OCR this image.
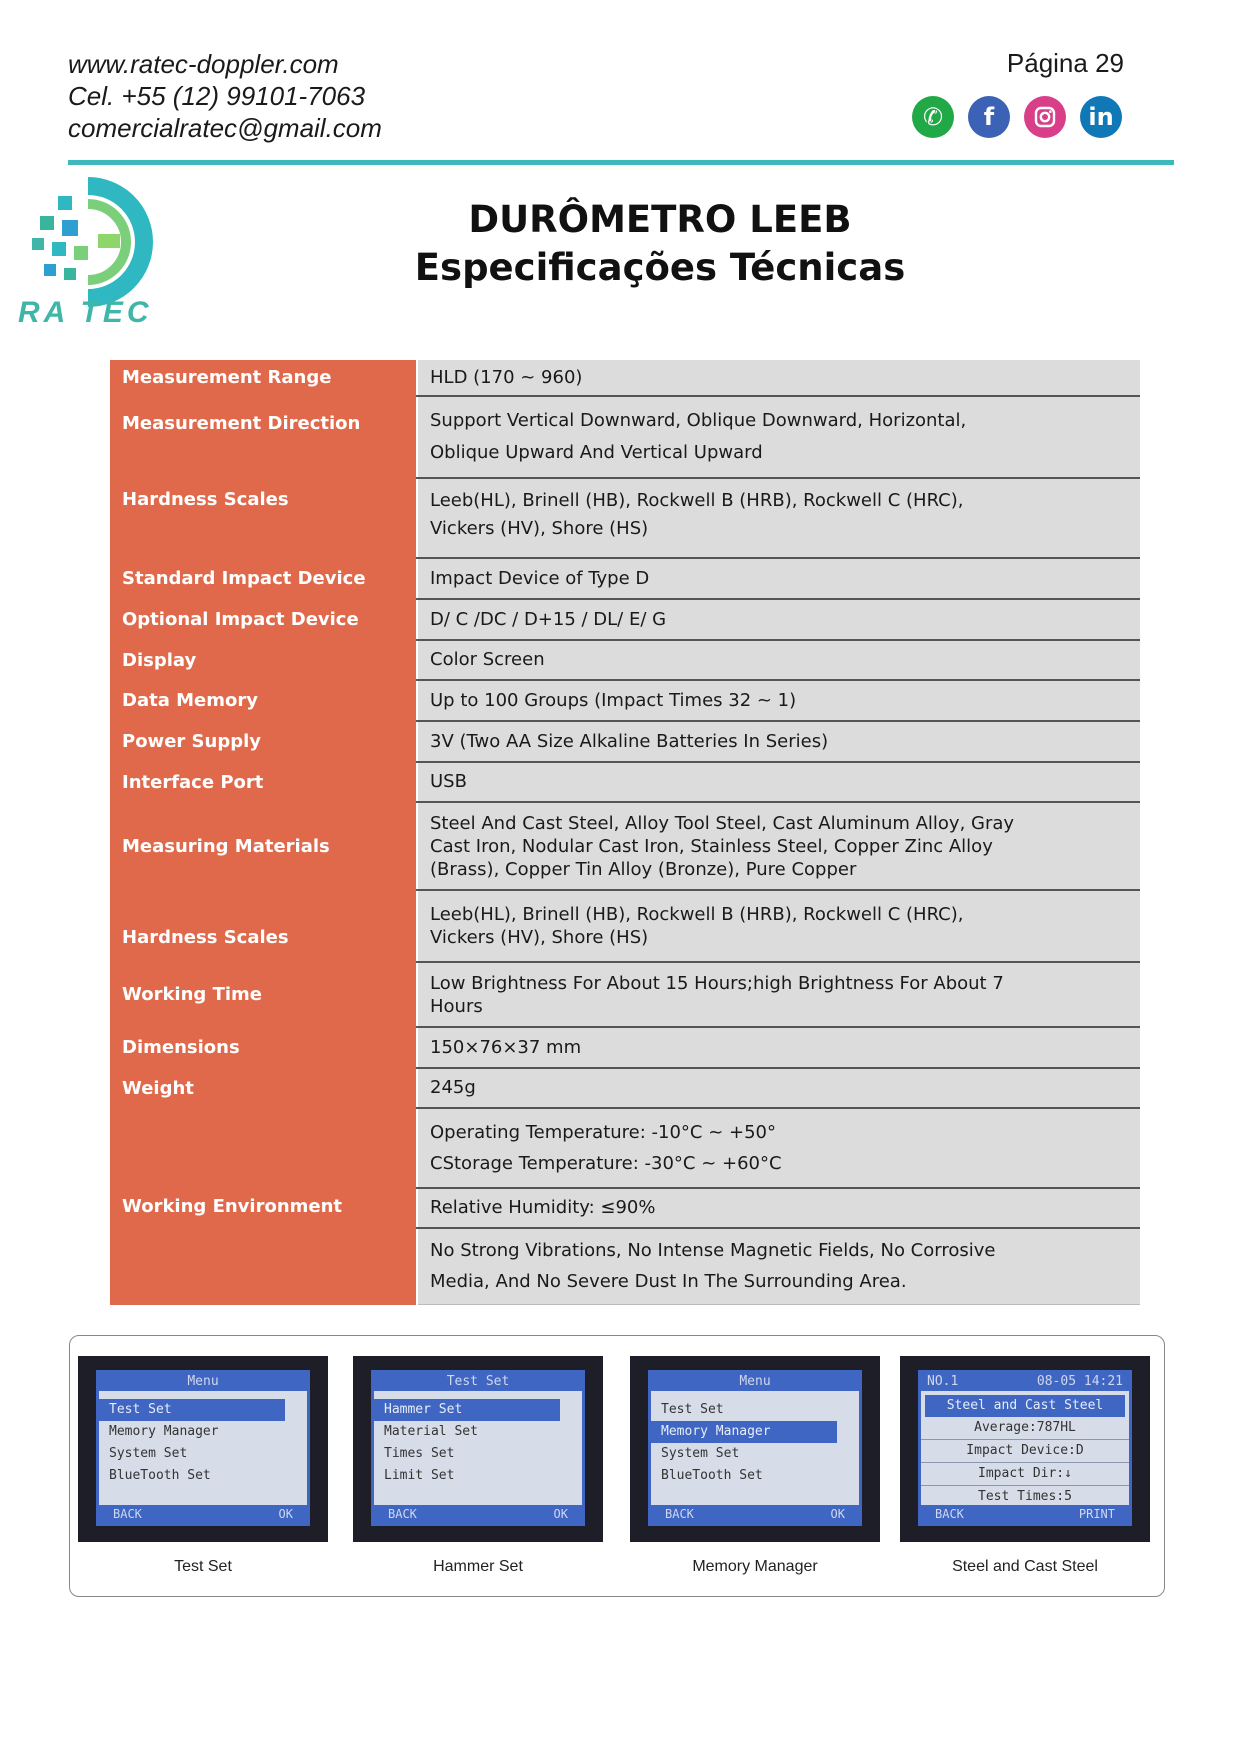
www.ratec-doppler.com
Cel. +55 (12) 99101-7063
comercialratec@gmail.com
Página 29
✆	f	in
RA TEC
DURÔMETRO LEEB
Especificações Técnicas
Measurement Range	HLD (170 ~ 960)

Measurement Direction	Support Vertical Downward, Oblique Downward, Horizontal,
Oblique Upward And Vertical Upward

Hardness Scales	Leeb(HL), Brinell (HB), Rockwell B (HRB), Rockwell C (HRC),
Vickers (HV), Shore (HS)

Standard Impact Device	Impact Device of Type D

Optional Impact Device	D/ C /DC / D+15 / DL/ E/ G

Display	Color Screen

Data Memory	Up to 100 Groups (Impact Times 32 ~ 1)

Power Supply	3V (Two AA Size Alkaline Batteries In Series)

Interface Port	USB

Measuring Materials	Steel And Cast Steel, Alloy Tool Steel, Cast Aluminum Alloy, Gray
Cast Iron, Nodular Cast Iron, Stainless Steel, Copper Zinc Alloy
(Brass), Copper Tin Alloy (Bronze), Pure Copper

Hardness Scales	Leeb(HL), Brinell (HB), Rockwell B (HRB), Rockwell C (HRC),
Vickers (HV), Shore (HS)

Working Time	Low Brightness For About 15 Hours;high Brightness For About 7
Hours

Dimensions	150×76×37 mm

Weight	245g

Working Environment	Operating Temperature: -10°C ~ +50°
CStorage Temperature: -30°C ~ +60°C

	Relative Humidity: ≤90%

	No Strong Vibrations, No Intense Magnetic Fields, No Corrosive
Media, And No Severe Dust In The Surrounding Area.
Menu
Test Set
Memory Manager
System Set
BlueTooth Set
BACK	OK
Test Set
Test Set
Hammer Set
Material Set
Times Set
Limit Set
BACK	OK
Hammer Set
Menu
Test Set
Memory Manager
System Set
BlueTooth Set
BACK	OK
Memory Manager
NO.1	08-05 14:21
Steel and Cast Steel
Average:787HL
Impact Device:D
Impact Dir:↓
Test Times:5
BACK	PRINT
Steel and Cast Steel
